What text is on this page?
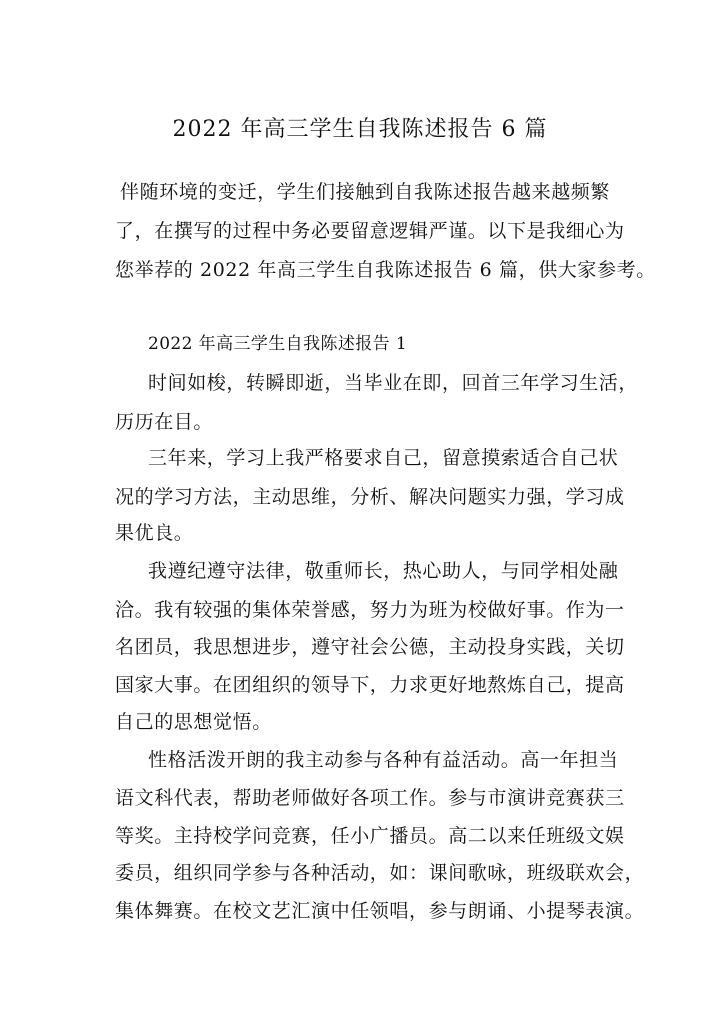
2022 年高三学生自我陈述报告 6 篇
伴随环境的变迁，学生们接触到自我陈述报告越来越频繁
了，在撰写的过程中务必要留意逻辑严谨。以下是我细心为
您举荐的 2022 年高三学生自我陈述报告 6 篇，供大家参考。
2022 年高三学生自我陈述报告 1
时间如梭，转瞬即逝，当毕业在即，回首三年学习生活，
历历在目。
三年来，学习上我严格要求自己，留意摸索适合自己状
况的学习方法，主动思维，分析、解决问题实力强，学习成
果优良。
我遵纪遵守法律，敬重师长，热心助人，与同学相处融
洽。我有较强的集体荣誉感，努力为班为校做好事。作为一
名团员，我思想进步，遵守社会公德，主动投身实践，关切
国家大事。在团组织的领导下，力求更好地熬炼自己，提高
自己的思想觉悟。
性格活泼开朗的我主动参与各种有益活动。高一年担当
语文科代表，帮助老师做好各项工作。参与市演讲竞赛获三
等奖。主持校学问竞赛，任小广播员。高二以来任班级文娱
委员，组织同学参与各种活动，如：课间歌咏，班级联欢会，
集体舞赛。在校文艺汇演中任领唱，参与朗诵、小提琴表演。
